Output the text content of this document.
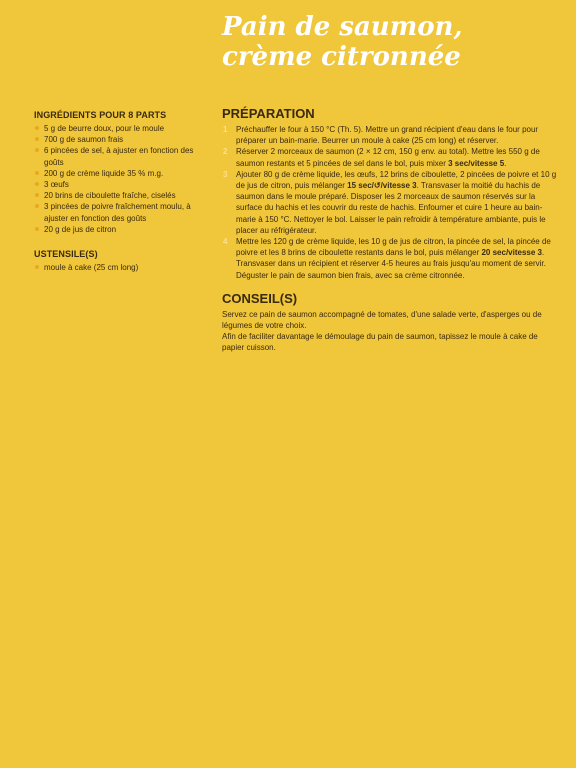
Pain de saumon,
crème citronnée
INGRÉDIENTS POUR 8 PARTS
5 g de beurre doux, pour le moule
700 g de saumon frais
6 pincées de sel, à ajuster en fonction des goûts
200 g de crème liquide 35 % m.g.
3 œufs
20 brins de ciboulette fraîche, ciselés
3 pincées de poivre fraîchement moulu, à ajuster en fonction des goûts
20 g de jus de citron
USTENSILE(S)
moule à cake (25 cm long)
PRÉPARATION
1 Préchauffer le four à 150 °C (Th. 5). Mettre un grand récipient d'eau dans le four pour préparer un bain-marie. Beurrer un moule à cake (25 cm long) et réserver.
2 Réserver 2 morceaux de saumon (2 × 12 cm, 150 g env. au total). Mettre les 550 g de saumon restants et 5 pincées de sel dans le bol, puis mixer 3 sec/vitesse 5.
3 Ajouter 80 g de crème liquide, les œufs, 12 brins de ciboulette, 2 pincées de poivre et 10 g de jus de citron, puis mélanger 15 sec/↺/vitesse 3. Transvaser la moitié du hachis de saumon dans le moule préparé. Disposer les 2 morceaux de saumon réservés sur la surface du hachis et les couvrir du reste de hachis. Enfourner et cuire 1 heure au bain-marie à 150 °C. Nettoyer le bol. Laisser le pain refroidir à température ambiante, puis le placer au réfrigérateur.
4 Mettre les 120 g de crème liquide, les 10 g de jus de citron, la pincée de sel, la pincée de poivre et les 8 brins de ciboulette restants dans le bol, puis mélanger 20 sec/vitesse 3. Transvaser dans un récipient et réserver 4-5 heures au frais jusqu'au moment de servir. Déguster le pain de saumon bien frais, avec sa crème citronnée.
CONSEIL(S)

Servez ce pain de saumon accompagné de tomates, d'une salade verte, d'asperges ou de légumes de votre choix.

Afin de faciliter davantage le démoulage du pain de saumon, tapissez le moule à cake de papier cuisson.
